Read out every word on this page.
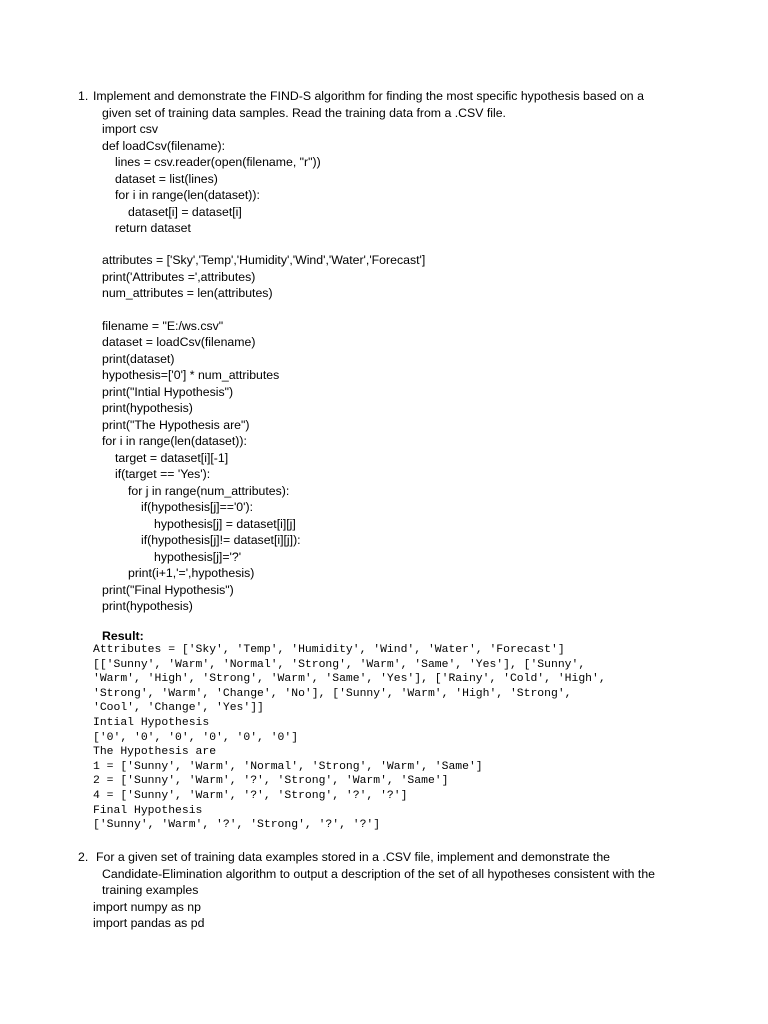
1. Implement and demonstrate the FIND-S algorithm for finding the most specific hypothesis based on a
given set of training data samples. Read the training data from a .CSV file.
import csv
def loadCsv(filename):
lines = csv.reader(open(filename, "r"))
dataset = list(lines)
for i in range(len(dataset)):
dataset[i] = dataset[i]
return dataset
attributes = ['Sky','Temp','Humidity','Wind','Water','Forecast']
print('Attributes =',attributes)
num_attributes = len(attributes)
filename = "E:/ws.csv"
dataset = loadCsv(filename)
print(dataset)
hypothesis=['0'] * num_attributes
print("Intial Hypothesis")
print(hypothesis)
print("The Hypothesis are")
for i in range(len(dataset)):
target = dataset[i][-1]
if(target == 'Yes'):
for j in range(num_attributes):
if(hypothesis[j]=='0'):
hypothesis[j] = dataset[i][j]
if(hypothesis[j]!= dataset[i][j]):
hypothesis[j]='?'
print(i+1,'=',hypothesis)
print("Final Hypothesis")
print(hypothesis)
Result:
Attributes = ['Sky', 'Temp', 'Humidity', 'Wind', 'Water', 'Forecast']
[['Sunny', 'Warm', 'Normal', 'Strong', 'Warm', 'Same', 'Yes'], ['Sunny',
'Warm', 'High', 'Strong', 'Warm', 'Same', 'Yes'], ['Rainy', 'Cold', 'High',
'Strong', 'Warm', 'Change', 'No'], ['Sunny', 'Warm', 'High', 'Strong',
'Cool', 'Change', 'Yes']]
Intial Hypothesis
['0', '0', '0', '0', '0', '0']
The Hypothesis are
1 = ['Sunny', 'Warm', 'Normal', 'Strong', 'Warm', 'Same']
2 = ['Sunny', 'Warm', '?', 'Strong', 'Warm', 'Same']
4 = ['Sunny', 'Warm', '?', 'Strong', '?', '?']
Final Hypothesis
['Sunny', 'Warm', '?', 'Strong', '?', '?']
2. For a given set of training data examples stored in a .CSV file, implement and demonstrate the
Candidate-Elimination algorithm to output a description of the set of all hypotheses consistent with the
training examples
import numpy as np
import pandas as pd
